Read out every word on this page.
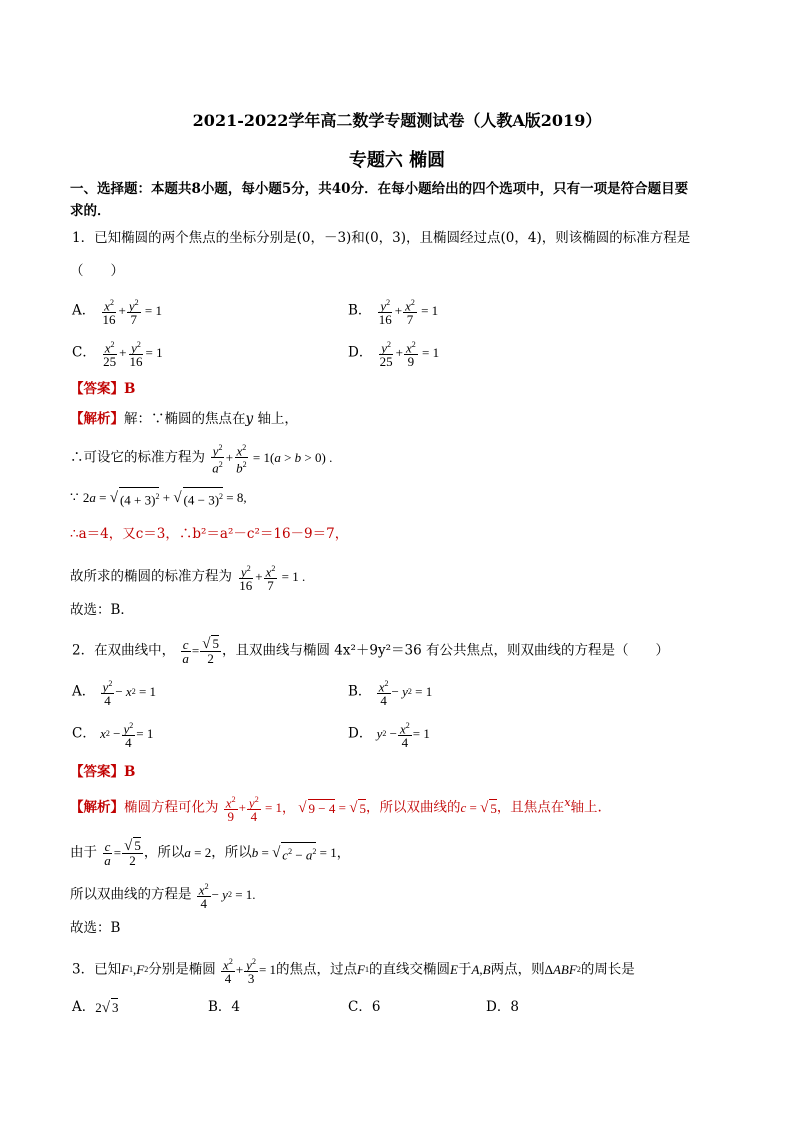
2021-2022学年高二数学专题测试卷（人教A版2019）
专题六 椭圆
一、选择题：本题共8小题，每小题5分，共40分．在每小题给出的四个选项中，只有一项是符合题目要
求的．
1．已知椭圆的两个焦点的坐标分别是(0，－3)和(0，3)，且椭圆经过点(0，4)，则该椭圆的标准方程是
（　　）
A． $\frac{x^2}{16} + \frac{y^2}{7} = 1$	B． $\frac{y^2}{16} + \frac{x^2}{7} = 1$
C． $\frac{x^2}{25} + \frac{y^2}{16} = 1$	D． $\frac{y^2}{25} + \frac{x^2}{9} = 1$
【答案】B
【解析】解：∵椭圆的焦点在y 轴上，
∴可设它的标准方程为 $\frac{y^2}{a^2} + \frac{x^2}{b^2} = 1$( a > b > 0) .
∵ 2 a = √ $(4 + 3)^2$ + √ $(4 - 3)^2 = 8$,
∴a＝4，又c＝3，∴b²＝a²－c²＝16－9＝7，
故所求的椭圆的标准方程为 $\frac{y^2}{16} + \frac{x^2}{7} = 1$ .
故选：B．
2．在双曲线中， $\frac{c}{a} = \frac{√ 5}{2}$ ，且双曲线与椭圆 4x²＋9y²＝36 有公共焦点，则双曲线的方程是（　　）
A． $\frac{y^2}{4} - x$ 2 = 1	B． $\frac{x^2}{4} - y$ 2 = 1
C． x $2 - \frac{y^2}{4} = 1$	D． y $2 - \frac{x^2}{4} = 1$
【答案】B
【解析】椭圆方程可化为 $\frac{x^2}{9} + \frac{y^2}{4} = 1$， √ 9 − 4 = √ 5 ，所以双曲线的 c = √ 5 ，且焦点在$^x$轴上.
由于 $\frac{c}{a} = \frac{√ 5}{2}$ ，所以 a = 2，所以 b = √ $c^2 - a^2 = 1$，
所以双曲线的方程是 $\frac{x^2}{4} - y$ 2 = 1.
故选：B
3．已知 F 1 , F 2 分别是椭圆 $\frac{x^2}{4} + \frac{y^2}{3} = 1$的焦点，过点 F 1 的直线交椭圆E于 A , B 两点，则Δ ABF 2 的周长是
A．2 √ 3	B．4	C．6	D．8
